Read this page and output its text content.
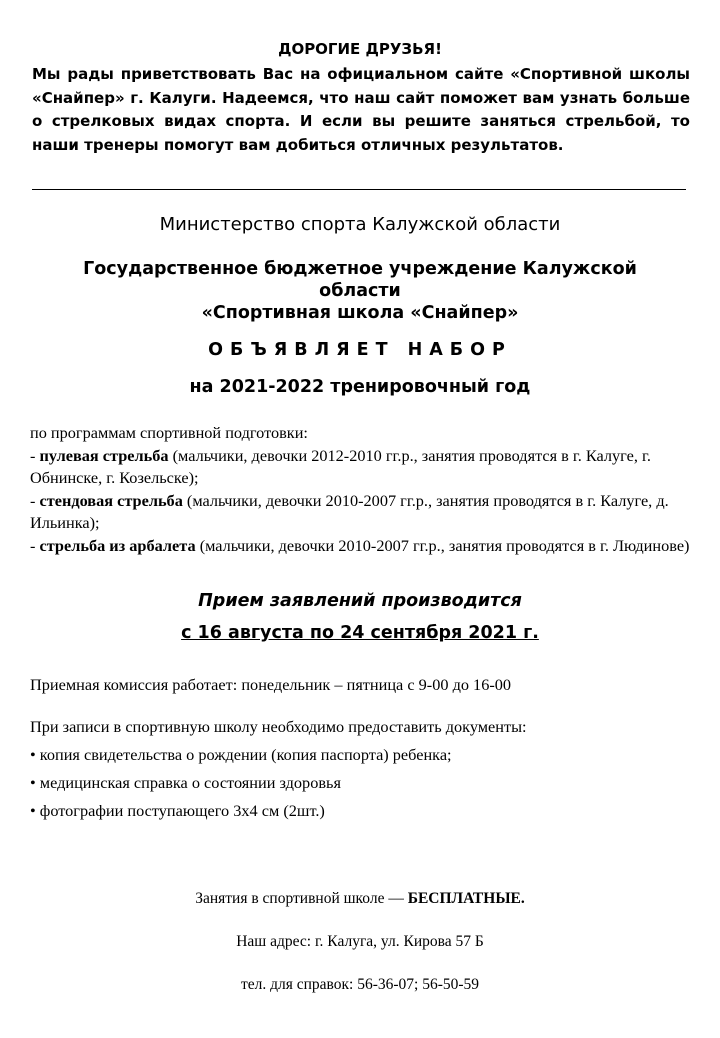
ДОРОГИЕ ДРУЗЬЯ!

Мы рады приветствовать Вас на официальном сайте «Спортивной школы «Снайпер» г. Калуги. Надеемся, что наш сайт поможет вам узнать больше о стрелковых видах спорта. И если вы решите заняться стрельбой, то наши тренеры помогут вам добиться отличных результатов.

Министерство спорта Калужской области

Государственное бюджетное учреждение Калужской
области
«Спортивная школа «Снайпер»

ОБЪЯВЛЯЕТ НАБОР
на 2021-2022 тренировочный год

по программам спортивной подготовки:

- пулевая стрельба (мальчики, девочки 2012-2010 гг.р., занятия проводятся в г. Калуге, г. Обнинске, г. Козельске);

- стендовая стрельба (мальчики, девочки 2010-2007 гг.р., занятия проводятся в г. Калуге, д. Ильинка);

- стрельба из арбалета (мальчики, девочки 2010-2007 гг.р., занятия проводятся в г. Людинове)

Прием заявлений производится
с 16 августа по 24 сентября 2021 г.
Приемная комиссия работает: понедельник – пятница с 9-00 до 16-00
При записи в спортивную школу необходимо предоставить документы:
• копия свидетельства о рождении (копия паспорта) ребенка;
• медицинская справка о состоянии здоровья
• фотографии поступающего 3х4 см (2шт.)
Занятия в спортивной школе — БЕСПЛАТНЫЕ.
Наш адрес: г. Калуга, ул. Кирова 57 Б
тел. для справок: 56-36-07; 56-50-59
